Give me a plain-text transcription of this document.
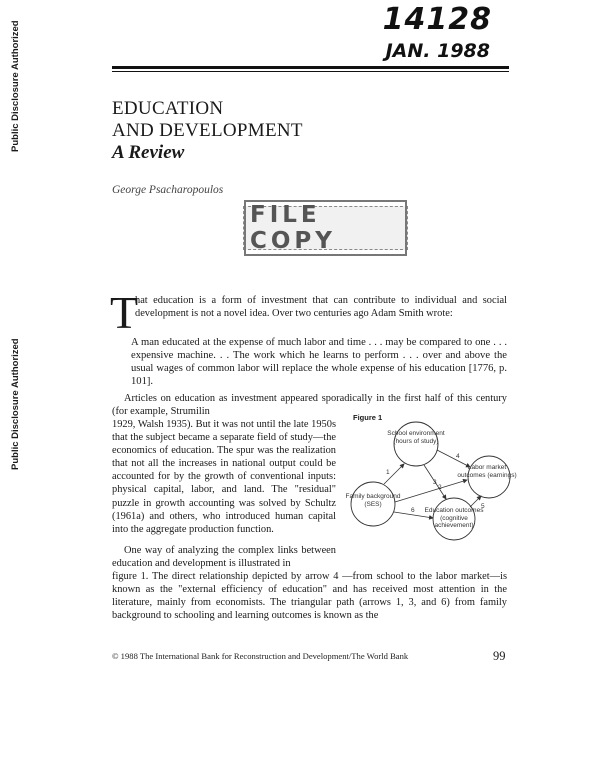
Public Disclosure Authorized
Public Disclosure Authorized
14128
JAN. 1988
EDUCATION
AND DEVELOPMENT
A Review
George Psacharopoulos
FILE COPY
T

hat education is a form of investment that can contribute to individual and social development is not a novel idea. Over two centuries ago Adam Smith wrote:

A man educated at the expense of much labor and time . . . may be compared to one . . . expensive machine. . . The work which he learns to perform . . . over and above the usual wages of common labor will replace the whole expense of his education [1776, p. 101].

Articles on education as investment appeared sporadically in the first half of this century (for example, Strumilin

1929, Walsh 1935). But it was not until the late 1950s that the subject became a separate field of study—the economics of education. The spur was the realization that not all the increases in national output could be accounted for by the growth of conventional inputs: physical capital, labor, and land. The "residual" puzzle in growth accounting was solved by Schultz (1961a) and others, who introduced human capital into the aggregate production function.

One way of analyzing the complex links between education and development is illustrated in

figure 1. The direct relationship depicted by arrow 4 —from school to the labor market—is known as the "external efficiency of education" and has received most attention in the literature, mainly from economists. The triangular path (arrows 1, 3, and 6) from family background to schooling and learning outcomes is known as the

Figure 1
School environment (hours of study)
Family background (SES)
Education outcomes (cognitive achievement)
Labor market outcomes (earnings)
1
2
3
4
5
6
© 1988 The International Bank for Reconstruction and Development/The World Bank	99
